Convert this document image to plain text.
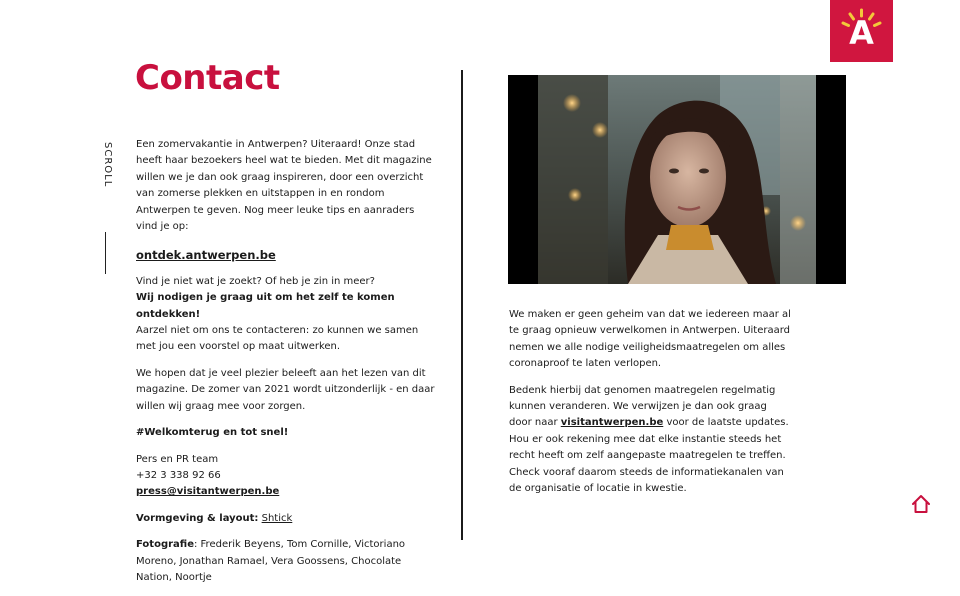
A
SCROLL
Contact

Een zomervakantie in Antwerpen? Uiteraard! Onze stad heeft haar bezoekers heel wat te bieden. Met dit magazine willen we je dan ook graag inspireren, door een overzicht van zomerse plekken en uitstappen in en rondom Antwerpen te geven. Nog meer leuke tips en aanraders vind je op:

ontdek.antwerpen.be

Vind je niet wat je zoekt? Of heb je zin in meer?
Wij nodigen je graag uit om het zelf te komen ontdekken!
Aarzel niet om ons te contacteren: zo kunnen we samen met jou een voorstel op maat uitwerken.

We hopen dat je veel plezier beleeft aan het lezen van dit magazine. De zomer van 2021 wordt uitzonderlijk - en daar willen wij graag mee voor zorgen.

#Welkomterug en tot snel!

Pers en PR team
+32 3 338 92 66
press@visitantwerpen.be

Vormgeving & layout: Shtick

Fotografie: Frederik Beyens, Tom Cornille, Victoriano Moreno, Jonathan Ramael, Vera Goossens, Chocolate Nation, Noortje

We maken er geen geheim van dat we iedereen maar al te graag opnieuw verwelkomen in Antwerpen. Uiteraard nemen we alle nodige veiligheidsmaatregelen om alles coronaproof te laten verlopen.

Bedenk hierbij dat genomen maatregelen regelmatig kunnen veranderen. We verwijzen je dan ook graag door naar visitantwerpen.be voor de laatste updates. Hou er ook rekening mee dat elke instantie steeds het recht heeft om zelf aangepaste maatregelen te treffen. Check vooraf daarom steeds de informatiekanalen van de organisatie of locatie in kwestie.
